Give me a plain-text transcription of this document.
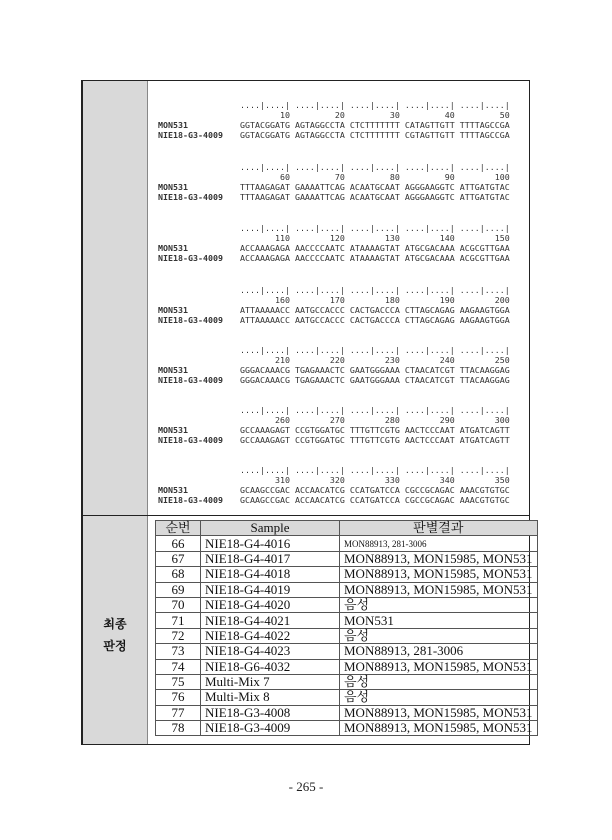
최종
판정
....|....| ....|....| ....|....| ....|....| ....|....|
10         20         30         40         50
MON531	GGTACGGATG AGTAGGCCTA CTCTTTTTTT CATAGTTGTT TTTTAGCCGA
NIE18-G3-4009 GGTACGGATG AGTAGGCCTA CTCTTTTTTT CGTAGTTGTT TTTTAGCCGA
....|....| ....|....| ....|....| ....|....| ....|....|
60         70         80         90        100
MON531	TTTAAGAGAT GAAAATTCAG ACAATGCAAT AGGGAAGGTC ATTGATGTAC
NIE18-G3-4009 TTTAAGAGAT GAAAATTCAG ACAATGCAAT AGGGAAGGTC ATTGATGTAC
....|....| ....|....| ....|....| ....|....| ....|....|
110        120        130        140        150
MON531	ACCAAAGAGA AACCCCAATC ATAAAAGTAT ATGCGACAAA ACGCGTTGAA
NIE18-G3-4009 ACCAAAGAGA AACCCCAATC ATAAAAGTAT ATGCGACAAA ACGCGTTGAA
....|....| ....|....| ....|....| ....|....| ....|....|
160        170        180        190        200
MON531	ATTAAAAACC AATGCCACCC CACTGACCCA CTTAGCAGAG AAGAAGTGGA
NIE18-G3-4009 ATTAAAAACC AATGCCACCC CACTGACCCA CTTAGCAGAG AAGAAGTGGA
....|....| ....|....| ....|....| ....|....| ....|....|
210        220        230        240        250
MON531	GGGACAAACG TGAGAAACTC GAATGGGAAA CTAACATCGT TTACAAGGAG
NIE18-G3-4009 GGGACAAACG TGAGAAACTC GAATGGGAAA CTAACATCGT TTACAAGGAG
....|....| ....|....| ....|....| ....|....| ....|....|
260        270        280        290        300
MON531	GCCAAAGAGT CCGTGGATGC TTTGTTCGTG AACTCCCAAT ATGATCAGTT
NIE18-G3-4009 GCCAAAGAGT CCGTGGATGC TTTGTTCGTG AACTCCCAAT ATGATCAGTT
....|....| ....|....| ....|....| ....|....| ....|....|
310        320        330        340        350
MON531	GCAAGCCGAC ACCAACATCG CCATGATCCA CGCCGCAGAC AAACGTGTGC
NIE18-G3-4009 GCAAGCCGAC ACCAACATCG CCATGATCCA CGCCGCAGAC AAACGTGTGC
순번	Sample	판별결과
66	NIE18-G4-4016	MON88913, 281-3006
67	NIE18-G4-4017	MON88913, MON15985, MON531
68	NIE18-G4-4018	MON88913, MON15985, MON531
69	NIE18-G4-4019	MON88913, MON15985, MON531
70	NIE18-G4-4020	음성
71	NIE18-G4-4021	MON531
72	NIE18-G4-4022	음성
73	NIE18-G4-4023	MON88913, 281-3006
74	NIE18-G6-4032	MON88913, MON15985, MON531
75	Multi-Mix 7	음성
76	Multi-Mix 8	음성
77	NIE18-G3-4008	MON88913, MON15985, MON531
78	NIE18-G3-4009	MON88913, MON15985, MON531
- 265 -
